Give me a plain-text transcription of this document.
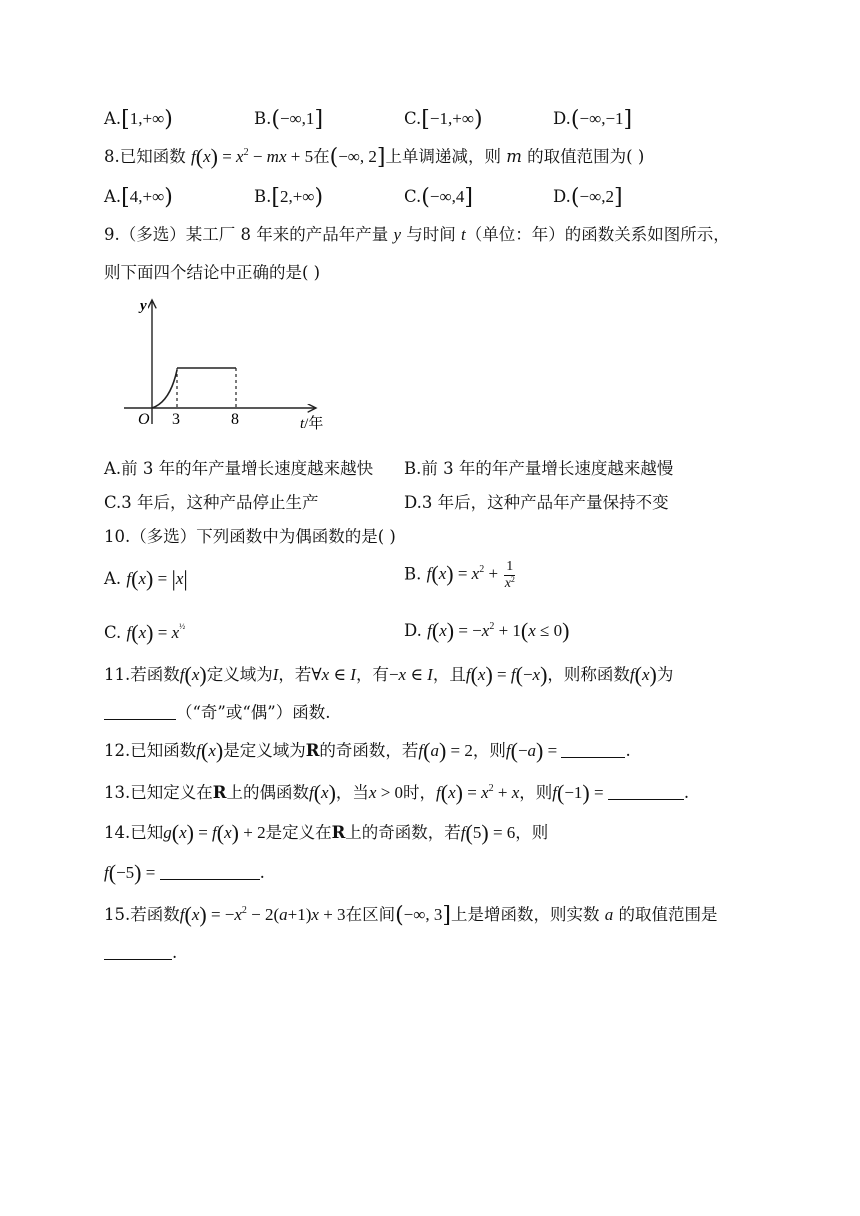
A.[1,+∞)	B.(−∞,1]	C.[−1,+∞)	D.(−∞,−1]
8.已知函数 $f(x) = x^2$ − mx + 5在(−∞, 2]上单调递减，则 m 的取值范围为( )
A.[4,+∞)	B.[2,+∞)	C.(−∞,4]	D.(−∞,2]
9.（多选）某工厂 8 年来的产品年产量 y 与时间 t（单位：年）的函数关系如图所示，
则下面四个结论中正确的是( )
y
O 3	8	t/年
A.前 3 年的年产量增长速度越来越快 B.前 3 年的年产量增长速度越来越慢
C.3 年后，这种产品停止生产	D.3 年后，这种产品年产量保持不变
10.（多选）下列函数中为偶函数的是( )
A. f(x) = |x|	B. $f(x) = x^2 + \frac{1}{x^2}$
C. $f(x) = x^{\frac{1}{2}}$	D. $f(x) = -x^2 + 1(x \le 0)$
11.若函数f(x)定义域为I，若∀x ∈ I，有−x ∈ I，且f(x) = f(−x)，则称函数f(x)为
（“奇”或“偶”）函数.
12.已知函数f(x)是定义域为R的奇函数，若f(a) = 2，则f(−a) =	.
13.已知定义在R上的偶函数f(x)，当x > 0时，$f(x) = x^2 + x$，则f(−1) =	.
14.已知g(x) = f(x) + 2是定义在R上的奇函数，若f(5) = 6，则
f(−5) =	.
15.若函数$f(x) = -x^2 - 2(a+1)x + 3$在区间(−∞, 3]上是增函数，则实数 a 的取值范围是
.
